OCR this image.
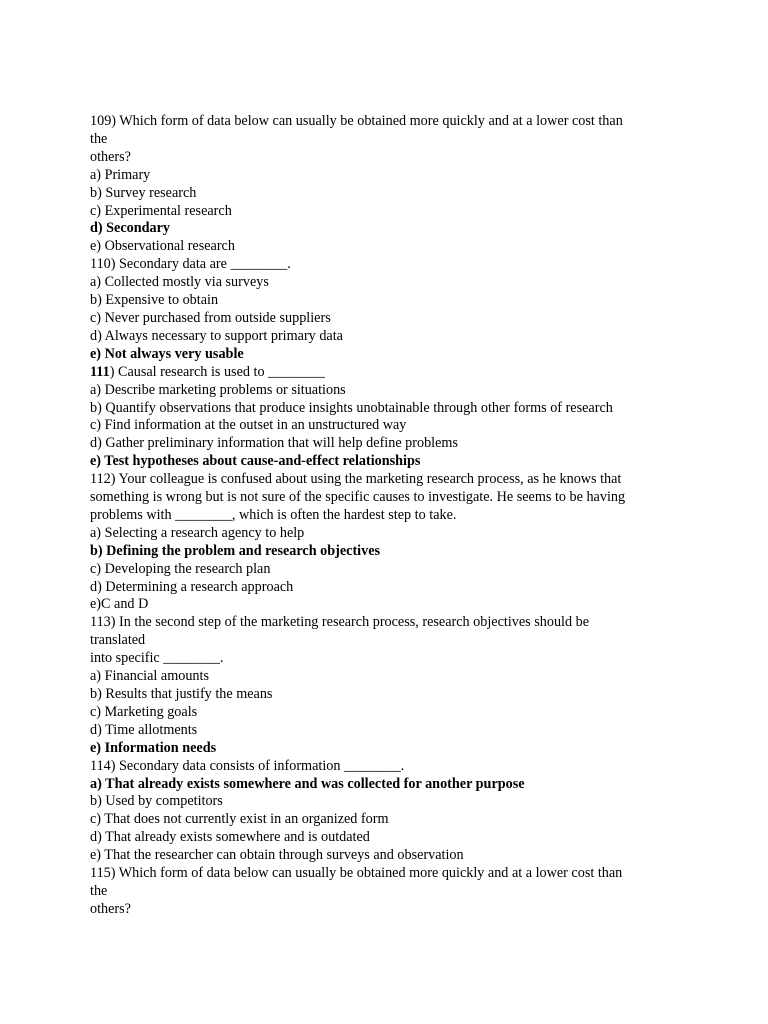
109) Which form of data below can usually be obtained more quickly and at a lower cost than
the
others?
a) Primary
b) Survey research
c) Experimental research
d) Secondary
e) Observational research
110) Secondary data are ________.
a) Collected mostly via surveys
b) Expensive to obtain
c) Never purchased from outside suppliers
d) Always necessary to support primary data
e) Not always very usable
111) Causal research is used to ________
a) Describe marketing problems or situations
b) Quantify observations that produce insights unobtainable through other forms of research
c) Find information at the outset in an unstructured way
d) Gather preliminary information that will help define problems
e) Test hypotheses about cause-and-effect relationships
112) Your colleague is confused about using the marketing research process, as he knows that
something is wrong but is not sure of the specific causes to investigate. He seems to be having
problems with ________, which is often the hardest step to take.
a) Selecting a research agency to help
b) Defining the problem and research objectives
c) Developing the research plan
d) Determining a research approach
e)C and D
113) In the second step of the marketing research process, research objectives should be
translated
into specific ________.
a) Financial amounts
b) Results that justify the means
c) Marketing goals
d) Time allotments
e) Information needs
114) Secondary data consists of information ________.
a) That already exists somewhere and was collected for another purpose
b) Used by competitors
c) That does not currently exist in an organized form
d) That already exists somewhere and is outdated
e) That the researcher can obtain through surveys and observation
115) Which form of data below can usually be obtained more quickly and at a lower cost than
the
others?
